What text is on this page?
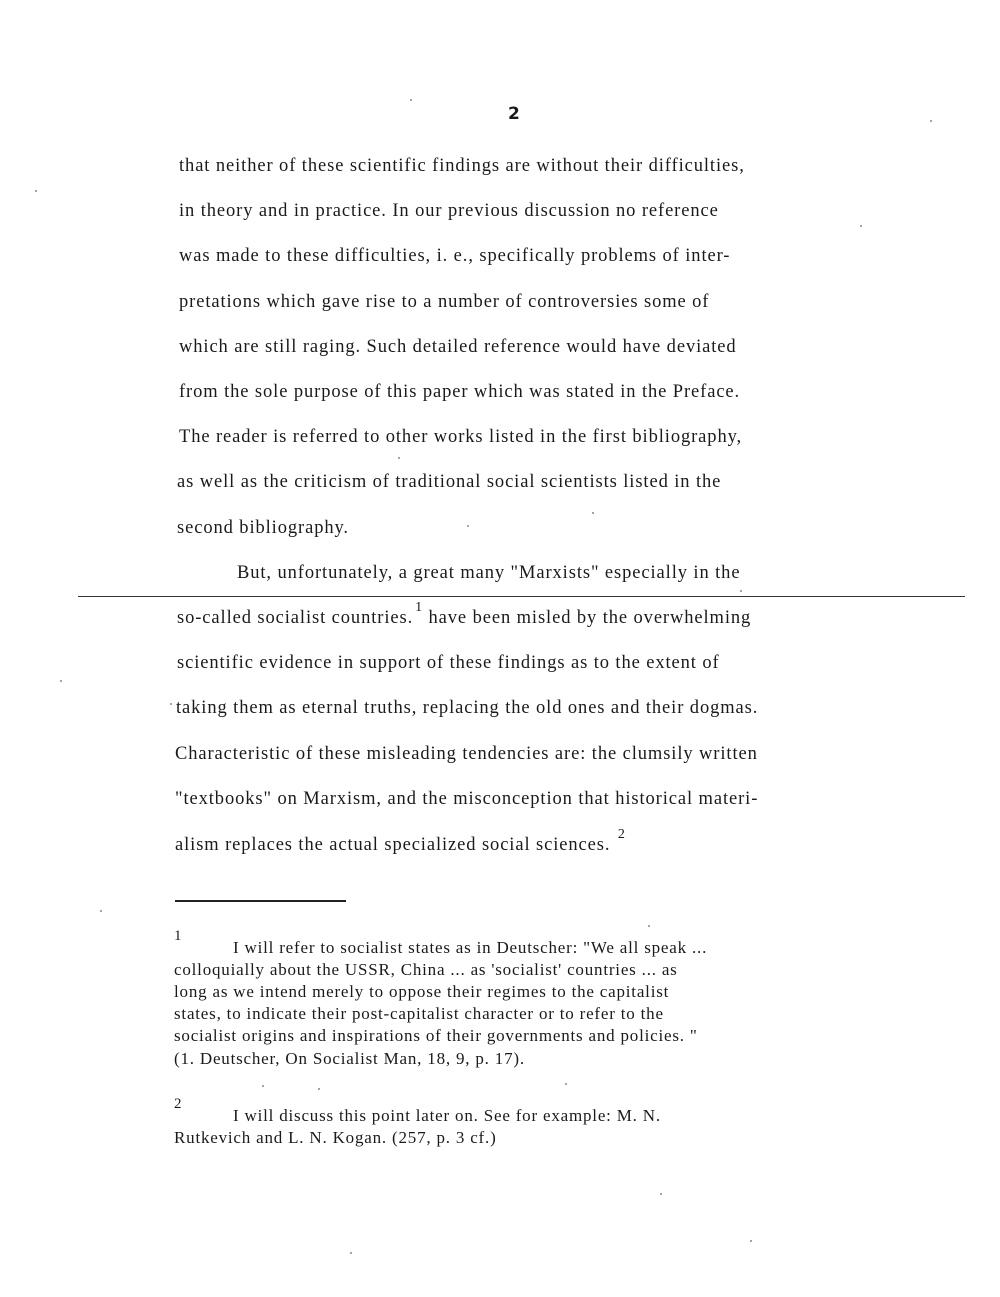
2
that neither of these scientific findings are without their difficulties,
in theory and in practice. In our previous discussion no reference
was made to these difficulties, i. e., specifically problems of inter-
pretations which gave rise to a number of controversies some of
which are still raging. Such detailed reference would have deviated
from the sole purpose of this paper which was stated in the Preface.
The reader is referred to other works listed in the first bibliography,
as well as the criticism of traditional social scientists listed in the
second bibliography.
But, unfortunately, a great many "Marxists" especially in the
so-called socialist countries.$^1$ have been misled by the overwhelming
scientific evidence in support of these findings as to the extent of
taking them as eternal truths, replacing the old ones and their dogmas.
Characteristic of these misleading tendencies are: the clumsily written
"textbooks" on Marxism, and the misconception that historical materi-
alism replaces the actual specialized social sciences. $^2$
1
I will refer to socialist states as in Deutscher: "We all speak ...
colloquially about the USSR, China ... as 'socialist' countries ... as
long as we intend merely to oppose their regimes to the capitalist
states, to indicate their post-capitalist character or to refer to the
socialist origins and inspirations of their governments and policies. "
(1. Deutscher, On Socialist Man, 18, 9, p. 17).
2
I will discuss this point later on. See for example: M. N.
Rutkevich and L. N. Kogan. (257, p. 3 cf.)
